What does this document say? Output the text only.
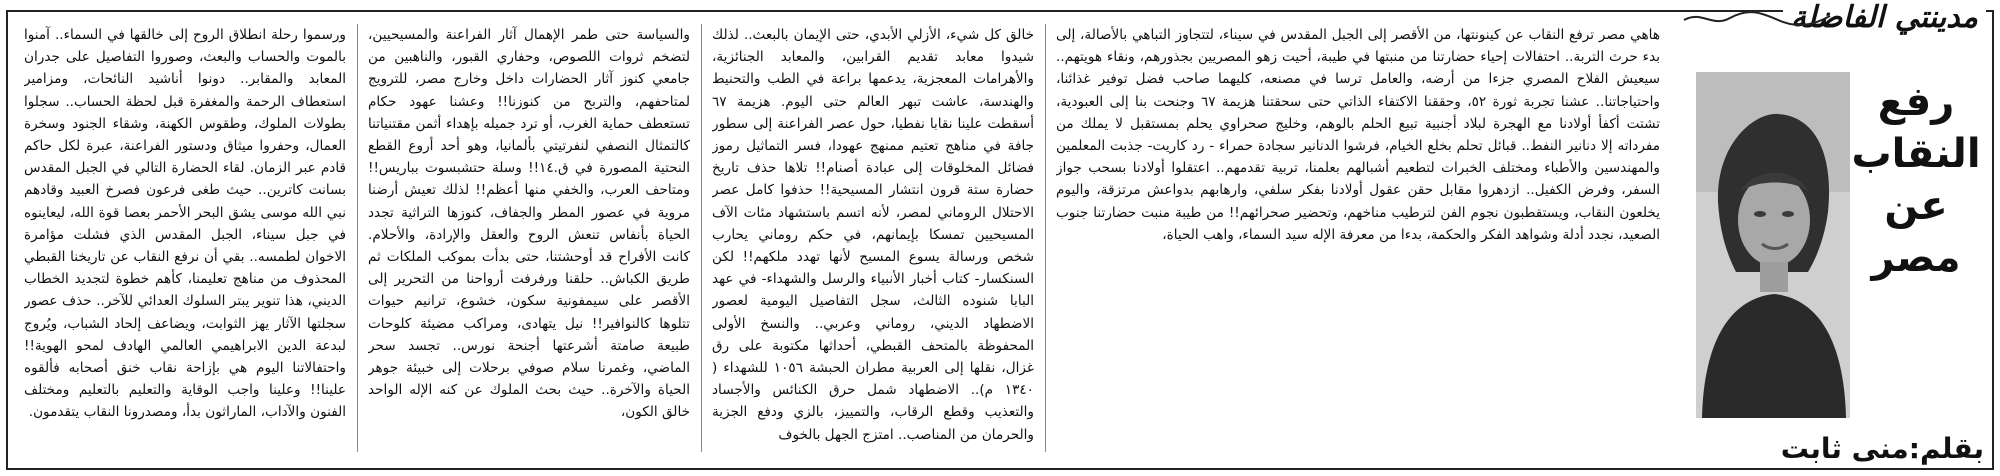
ورسموا رحلة انطلاق الروح إلى خالقها في السماء.. آمنوا بالموت والحساب والبعث، وصوروا التفاصيل على جدران المعابد والمقابر.. دونوا أناشيد النائحات، ومزامير استعطاف الرحمة والمغفرة قبل لحظة الحساب.. سجلوا بطولات الملوك، وطقوس الكهنة، وشقاء الجنود وسخرة العمال، وحفروا ميثاق ودستور الفراعنة، عبرة لكل حاكم قادم عبر الزمان. لقاء الحضارة التالي في الجبل المقدس بسانت كاترين.. حيث طغى فرعون فصرخ العبيد وقادهم نبي الله موسى يشق البحر الأحمر بعصا قوة الله، ليعاينوه في جبل سيناء، الجبل المقدس الذي فشلت مؤامرة الاخوان لطمسه.. بقي أن نرفع النقاب عن تاريخنا القبطي المحذوف من مناهج تعليمنا، كأهم خطوة لتجديد الخطاب الديني، هذا تنوير يبتر السلوك العدائي للآخر.. حذف عصور سجلتها الآثار يهز الثوابت، ويضاعف إلحاد الشباب، ويُروج لبدعة الدين الابراهيمي العالمي الهادف لمحو الهوية!! واحتفالاتنا اليوم هي بإزاحة نقاب خنق أصحابه فألقوه علينا!! وعلينا واجب الوقاية والتعليم بالتعليم ومختلف الفنون والآداب، الماراثون بدأ، ومصدرونا النقاب يتقدمون.

والسياسة حتى طمر الإهمال آثار الفراعنة والمسيحيين، لتضخم ثروات اللصوص، وحفاري القبور، والناهبين من جامعي كنوز آثار الحضارات داخل وخارج مصر، للترويج لمتاحفهم، والتربح من كنوزنا!! وعشنا عهود حكام تستعطف حماية الغرب، أو ترد جميله بإهداء أثمن مقتنياتنا كالتمثال النصفي لنفرتيتي بألمانيا، وهو أحد أروع القطع النحتية المصورة في ق.١٤!! وسلة حتشبسوت بباريس!! ومتاحف العرب، والخفي منها أعظم!! لذلك تعيش أرضنا مروية في عصور المطر والجفاف، كنوزها التراثية تجدد الحياة بأنفاس تنعش الروح والعقل والإرادة، والأحلام. كانت الأفراح قد أوحشتنا، حتى بدأت بموكب الملكات ثم طريق الكباش.. حلقنا ورفرفت أرواحنا من التحرير إلى الأقصر على سيمفونية سكون، خشوع، ترانيم حيوات تتلوها كالنوافير!! نيل يتهادى، ومراكب مضيئة كلوحات طبيعة صامتة أشرعتها أجنحة نورس.. تجسد سحر الماضي، وغمرنا سلام صوفي برحلات إلى خبيئة جوهر الحياة والآخرة.. حيث بحث الملوك عن كنه الإله الواحد خالق الكون،

خالق كل شيء، الأزلي الأبدي، حتى الإيمان بالبعث.. لذلك شيدوا معابد تقديم القرابين، والمعابد الجنائزية، والأهرامات المعجزية، يدعمها براعة في الطب والتحنيط والهندسة، عاشت تبهر العالم حتى اليوم. هزيمة ٦٧ أسقطت علينا نقابا نفطيا، حول عصر الفراعنة إلى سطور جافة في مناهج تعتيم ممنهج عهودا، فسر التماثيل رموز فضائل المخلوقات إلى عبادة أصنام!! تلاها حذف تاريخ حضارة ستة قرون انتشار المسيحية!! حذفوا كامل عصر الاحتلال الروماني لمصر، لأنه اتسم باستشهاد مئات الآف المسيحيين تمسكا بإيمانهم، في حكم روماني يحارب شخص ورسالة يسوع المسيح لأنها تهدد ملكهم!! لكن السنكسار- كتاب أخبار الأنبياء والرسل والشهداء- في عهد البابا شنوده الثالث، سجل التفاصيل اليومية لعصور الاضطهاد الديني، روماني وعربي.. والنسخ الأولى المحفوظة بالمتحف القبطي، أحداثها مكتوبة على رق غزال، نقلها إلى العربية مطران الحبشة ١٠٥٦ للشهداء ( ١٣٤٠ م).. الاضطهاد شمل حرق الكنائس والأجساد والتعذيب وقطع الرقاب، والتمييز، بالزي ودفع الجزية والحرمان من المناصب.. امتزج الجهل بالخوف

هاهي مصر ترفع النقاب عن كينونتها، من الأقصر إلى الجبل المقدس في سيناء، لتتجاوز التباهي بالأصالة، إلى بدء حرث التربة.. احتفالات إحياء حضارتنا من منبتها في طيبة، أحيت زهو المصريين بجذورهم، ونقاء هويتهم.. سيعيش الفلاح المصري جزءا من أرضه، والعامل ترسا في مصنعه، كليهما صاحب فضل توفير غذائنا، واحتياجاتنا.. عشنا تجربة ثورة ٥٢، وحققنا الاكتفاء الذاتي حتى سحقتنا هزيمة ٦٧ وجنحت بنا إلى العبودية، تشتت أكفأ أولادنا مع الهجرة لبلاد أجنبية تبيع الحلم بالوهم، وخليج صحراوي يحلم بمستقبل لا يملك من مفرداته إلا دنانير النفط.. قبائل تحلم بخلع الخيام، فرشوا الدنانير سجادة حمراء - رد كاريت- جذبت المعلمين والمهندسين والأطباء ومختلف الخبرات لتطعيم أشبالهم بعلمنا، تربية تقدمهم.. اعتقلوا أولادنا بسحب جواز السفر، وفرض الكفيل.. ازدهروا مقابل حقن عقول أولادنا بفكر سلفي، وارهابهم بدواعش مرتزقة، واليوم يخلعون النقاب، ويستقطبون نجوم الفن لترطيب مناخهم، وتحضير صحرائهم!! من طيبة منبت حضارتنا جنوب الصعيد، نجدد أدلة وشواهد الفكر والحكمة، بدءا من معرفة الإله سيد السماء، واهب الحياة،

مدينتي الفاضلة
رفع النقاب عن مصر
بقلم:منى ثابت
